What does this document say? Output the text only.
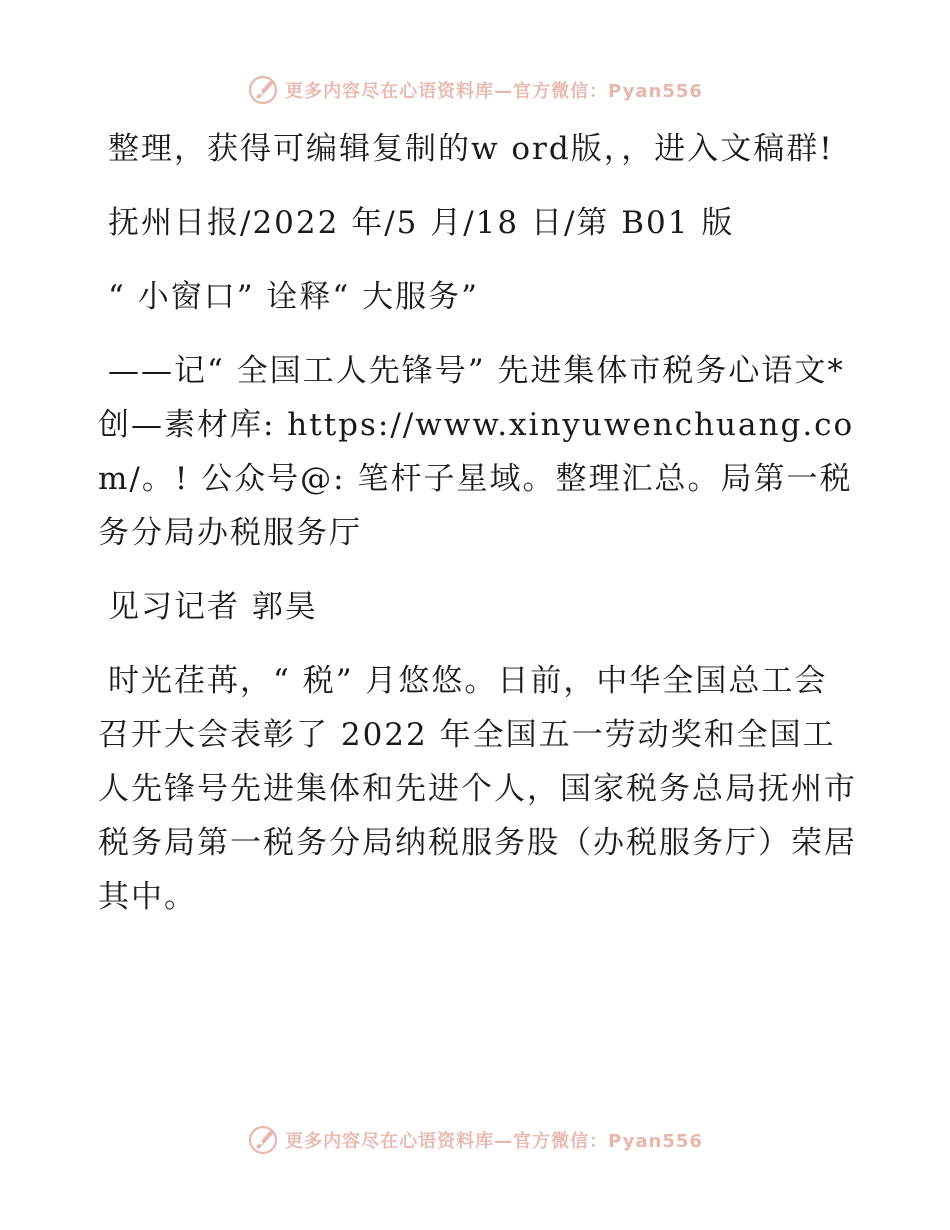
更多内容尽在心语资料库—官方微信：Pyan556

整理，获得可编辑复制的w ord版，，进入文稿群!

抚州日报/2022 年/5 月/18 日/第 B01 版

“ 小窗口” 诠释“ 大服务”

——记“ 全国工人先锋号” 先进集体市税务心语文*创—素材库: https://www.xinyuwenchuang.com/。! 公众号@: 笔杆子星域。整理汇总。局第一税务分局办税服务厅

见习记者 郭昊

时光荏苒，“ 税” 月悠悠。日前，中华全国总工会召开大会表彰了 2022 年全国五一劳动奖和全国工人先锋号先进集体和先进个人，国家税务总局抚州市税务局第一税务分局纳税服务股（办税服务厅）荣居其中。

更多内容尽在心语资料库—官方微信：Pyan556
